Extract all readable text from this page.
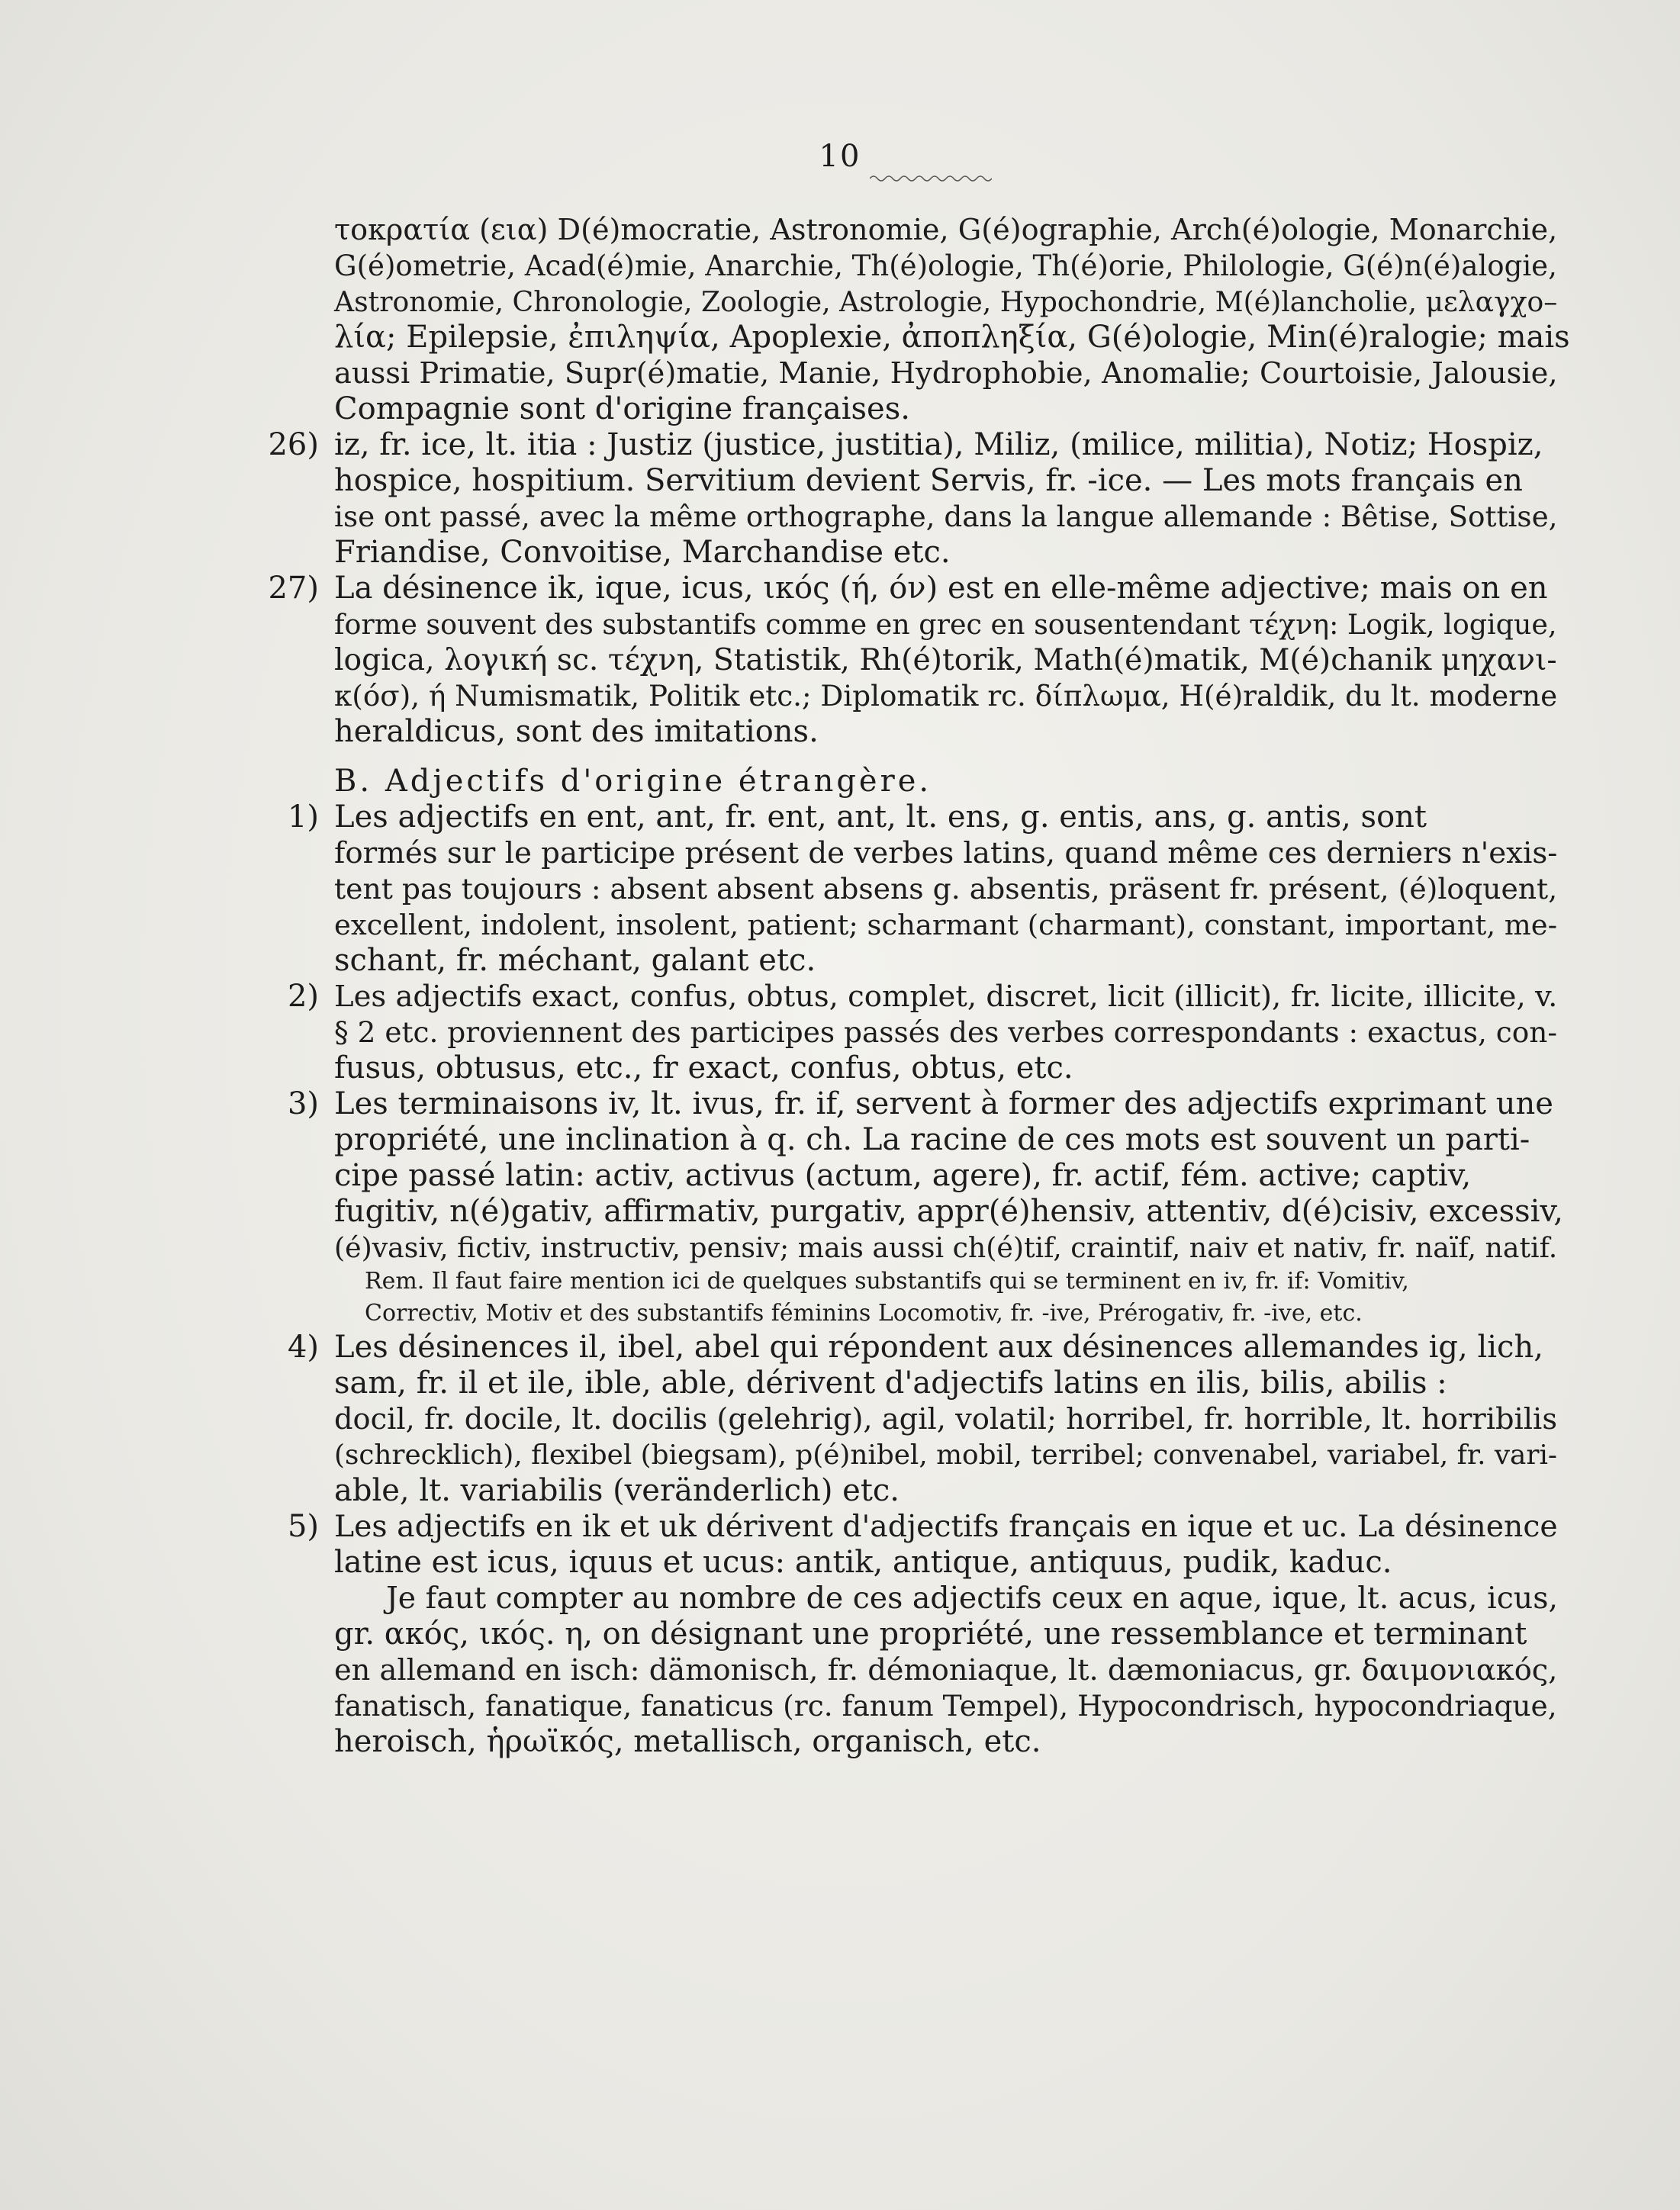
10
τοκρατία (εια) D(é)mocratie, Astronomie, G(é)ographie, Arch(é)ologie, Monarchie,
G(é)ometrie, Acad(é)mie, Anarchie, Th(é)ologie, Th(é)orie, Philologie, G(é)n(é)alogie,
Astronomie, Chronologie, Zoologie, Astrologie, Hypochondrie, M(é)lancholie, μελαγχο–
λία; Epilepsie, ἐπιληψία, Apoplexie, ἀποπληξία, G(é)ologie, Min(é)ralogie; mais
aussi Primatie, Supr(é)matie, Manie, Hydrophobie, Anomalie; Courtoisie, Jalousie,
Compagnie sont d'origine françaises.
26) iz, fr. ice, lt. itia : Justiz (justice, justitia), Miliz, (milice, militia), Notiz; Hospiz,
hospice, hospitium. Servitium devient Servis, fr. -ice. — Les mots français en
ise ont passé, avec la même orthographe, dans la langue allemande : Bêtise, Sottise,
Friandise, Convoitise, Marchandise etc.
27) La désinence ik, ique, icus, ικός (ή, όν) est en elle-même adjective; mais on en
forme souvent des substantifs comme en grec en sousentendant τέχνη: Logik, logique,
logica, λογική sc. τέχνη, Statistik, Rh(é)torik, Math(é)matik, M(é)chanik μηχανι-
κ(όσ), ή Numismatik, Politik etc.; Diplomatik rc. δίπλωμα, H(é)raldik, du lt. moderne
heraldicus, sont des imitations.
B. Adjectifs d'origine étrangère.
1) Les adjectifs en ent, ant, fr. ent, ant, lt. ens, g. entis, ans, g. antis, sont
formés sur le participe présent de verbes latins, quand même ces derniers n'exis-
tent pas toujours : absent absent absens g. absentis, präsent fr. présent, (é)loquent,
excellent, indolent, insolent, patient; scharmant (charmant), constant, important, me-
schant, fr. méchant, galant etc.
2) Les adjectifs exact, confus, obtus, complet, discret, licit (illicit), fr. licite, illicite, v.
§ 2 etc. proviennent des participes passés des verbes correspondants : exactus, con-
fusus, obtusus, etc., fr exact, confus, obtus, etc.
3) Les terminaisons iv, lt. ivus, fr. if, servent à former des adjectifs exprimant une
propriété, une inclination à q. ch. La racine de ces mots est souvent un parti-
cipe passé latin: activ, activus (actum, agere), fr. actif, fém. active; captiv,
fugitiv, n(é)gativ, affirmativ, purgativ, appr(é)hensiv, attentiv, d(é)cisiv, excessiv,
(é)vasiv, fictiv, instructiv, pensiv; mais aussi ch(é)tif, craintif, naiv et nativ, fr. naïf, natif.
Rem. Il faut faire mention ici de quelques substantifs qui se terminent en iv, fr. if: Vomitiv,
Correctiv, Motiv et des substantifs féminins Locomotiv, fr. -ive, Prérogativ, fr. -ive, etc.
4) Les désinences il, ibel, abel qui répondent aux désinences allemandes ig, lich,
sam, fr. il et ile, ible, able, dérivent d'adjectifs latins en ilis, bilis, abilis :
docil, fr. docile, lt. docilis (gelehrig), agil, volatil; horribel, fr. horrible, lt. horribilis
(schrecklich), flexibel (biegsam), p(é)nibel, mobil, terribel; convenabel, variabel, fr. vari-
able, lt. variabilis (veränderlich) etc.
5) Les adjectifs en ik et uk dérivent d'adjectifs français en ique et uc. La désinence
latine est icus, iquus et ucus: antik, antique, antiquus, pudik, kaduc.
Je faut compter au nombre de ces adjectifs ceux en aque, ique, lt. acus, icus,
gr. ακός, ικός. η, on désignant une propriété, une ressemblance et terminant
en allemand en isch: dämonisch, fr. démoniaque, lt. dæmoniacus, gr. δαιμονιακός,
fanatisch, fanatique, fanaticus (rc. fanum Tempel), Hypocondrisch, hypocondriaque,
heroisch, ἡρωϊκός, metallisch, organisch, etc.
